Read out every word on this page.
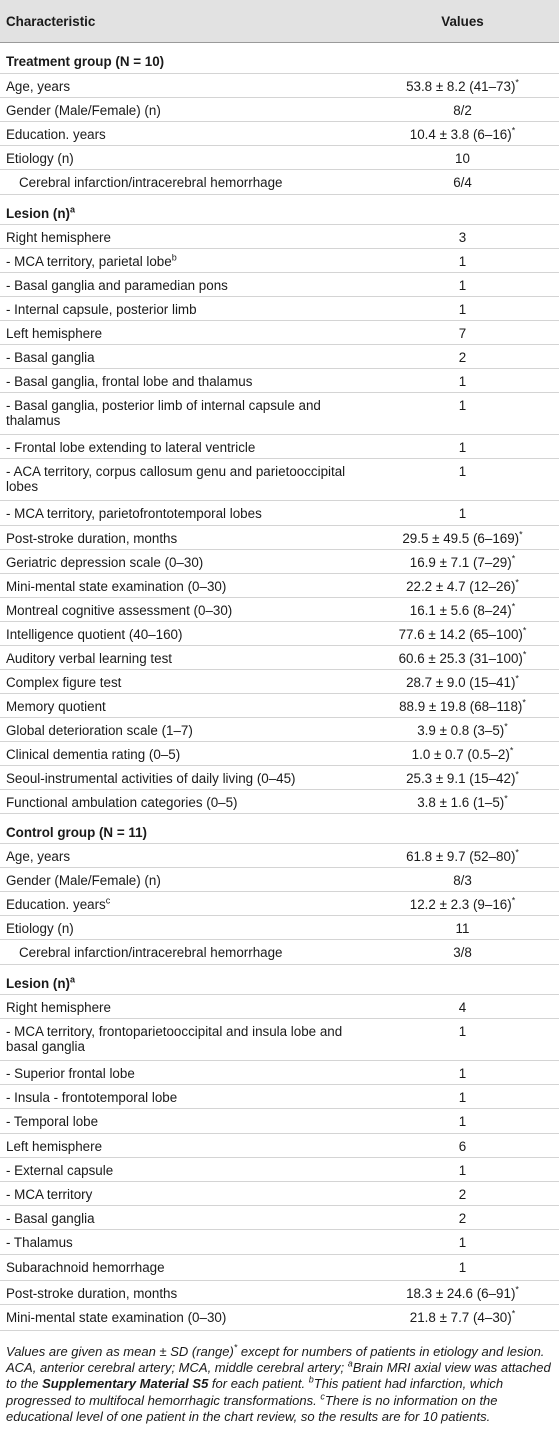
Characteristic	Values
Treatment group (N = 10)	
Age, years	53.8 ± 8.2 (41–73)*
Gender (Male/Female) (n)	8/2
Education. years	10.4 ± 3.8 (6–16)*
Etiology (n)	10
Cerebral infarction/intracerebral hemorrhage	6/4
Lesion $(n)^a$	
Right hemisphere	3
- MCA territory, parietal lobe$^b$	1
- Basal ganglia and paramedian pons	1
- Internal capsule, posterior limb	1
Left hemisphere	7
- Basal ganglia	2
- Basal ganglia, frontal lobe and thalamus	1
- Basal ganglia, posterior limb of internal capsule and thalamus	1
- Frontal lobe extending to lateral ventricle	1
- ACA territory, corpus callosum genu and parietooccipital lobes	1
- MCA territory, parietofrontotemporal lobes	1
Post-stroke duration, months	29.5 ± 49.5 (6–169)*
Geriatric depression scale (0–30)	16.9 ± 7.1 (7–29)*
Mini-mental state examination (0–30)	22.2 ± 4.7 (12–26)*
Montreal cognitive assessment (0–30)	16.1 ± 5.6 (8–24)*
Intelligence quotient (40–160)	77.6 ± 14.2 (65–100)*
Auditory verbal learning test	60.6 ± 25.3 (31–100)*
Complex figure test	28.7 ± 9.0 (15–41)*
Memory quotient	88.9 ± 19.8 (68–118)*
Global deterioration scale (1–7)	3.9 ± 0.8 (3–5)*
Clinical dementia rating (0–5)	1.0 ± 0.7 (0.5–2)*
Seoul-instrumental activities of daily living (0–45)	25.3 ± 9.1 (15–42)*
Functional ambulation categories (0–5)	3.8 ± 1.6 (1–5)*
Control group (N = 11)	
Age, years	61.8 ± 9.7 (52–80)*
Gender (Male/Female) (n)	8/3
Education. years$^c$	12.2 ± 2.3 (9–16)*
Etiology (n)	11
Cerebral infarction/intracerebral hemorrhage	3/8
Lesion $(n)^a$	
Right hemisphere	4
- MCA territory, frontoparietooccipital and insula lobe and basal ganglia	1
- Superior frontal lobe	1
- Insula - frontotemporal lobe	1
- Temporal lobe	1
Left hemisphere	6
- External capsule	1
- MCA territory	2
- Basal ganglia	2
- Thalamus	1
Subarachnoid hemorrhage	1
Post-stroke duration, months	18.3 ± 24.6 (6–91)*
Mini-mental state examination (0–30)	21.8 ± 7.7 (4–30)*
Values are given as mean ± SD (range)* except for numbers of patients in etiology and lesion. ACA, anterior cerebral artery; MCA, middle cerebral artery; $^a$Brain MRI axial view was attached to the Supplementary Material S5 for each patient. $^b$This patient had infarction, which progressed to multifocal hemorrhagic transformations. $^c$There is no information on the educational level of one patient in the chart review, so the results are for 10 patients.
